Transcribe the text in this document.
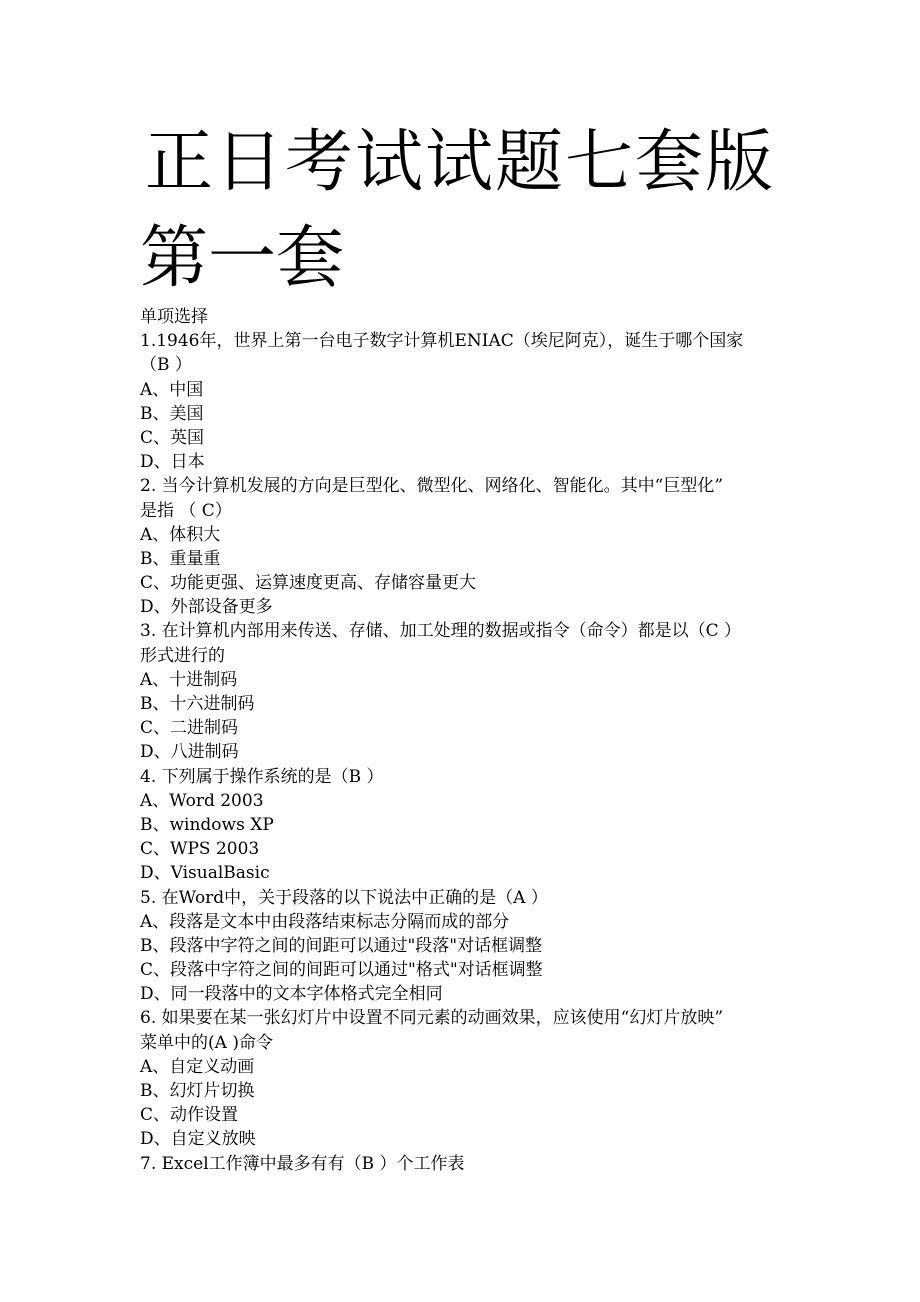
正日考试试题七套版
第一套
单项选择
1.1946年，世界上第一台电子数字计算机ENIAC（埃尼阿克），诞生于哪个国家
（B ）
A、中国
B、美国
C、英国
D、日本
2. 当今计算机发展的方向是巨型化、微型化、网络化、智能化。其中“巨型化”
是指 （ C）
A、体积大
B、重量重
C、功能更强、运算速度更高、存储容量更大
D、外部设备更多
3. 在计算机内部用来传送、存储、加工处理的数据或指令（命令）都是以（C ）
形式进行的
A、十进制码
B、十六进制码
C、二进制码
D、八进制码
4. 下列属于操作系统的是（B ）
A、Word 2003
B、windows XP
C、WPS 2003
D、VisualBasic
5. 在Word中，关于段落的以下说法中正确的是（A ）
A、段落是文本中由段落结束标志分隔而成的部分
B、段落中字符之间的间距可以通过"段落"对话框调整
C、段落中字符之间的间距可以通过"格式"对话框调整
D、同一段落中的文本字体格式完全相同
6. 如果要在某一张幻灯片中设置不同元素的动画效果，应该使用“幻灯片放映”
菜单中的(A )命令
A、自定义动画
B、幻灯片切换
C、动作设置
D、自定义放映
7. Excel工作簿中最多有有（B ）个工作表
